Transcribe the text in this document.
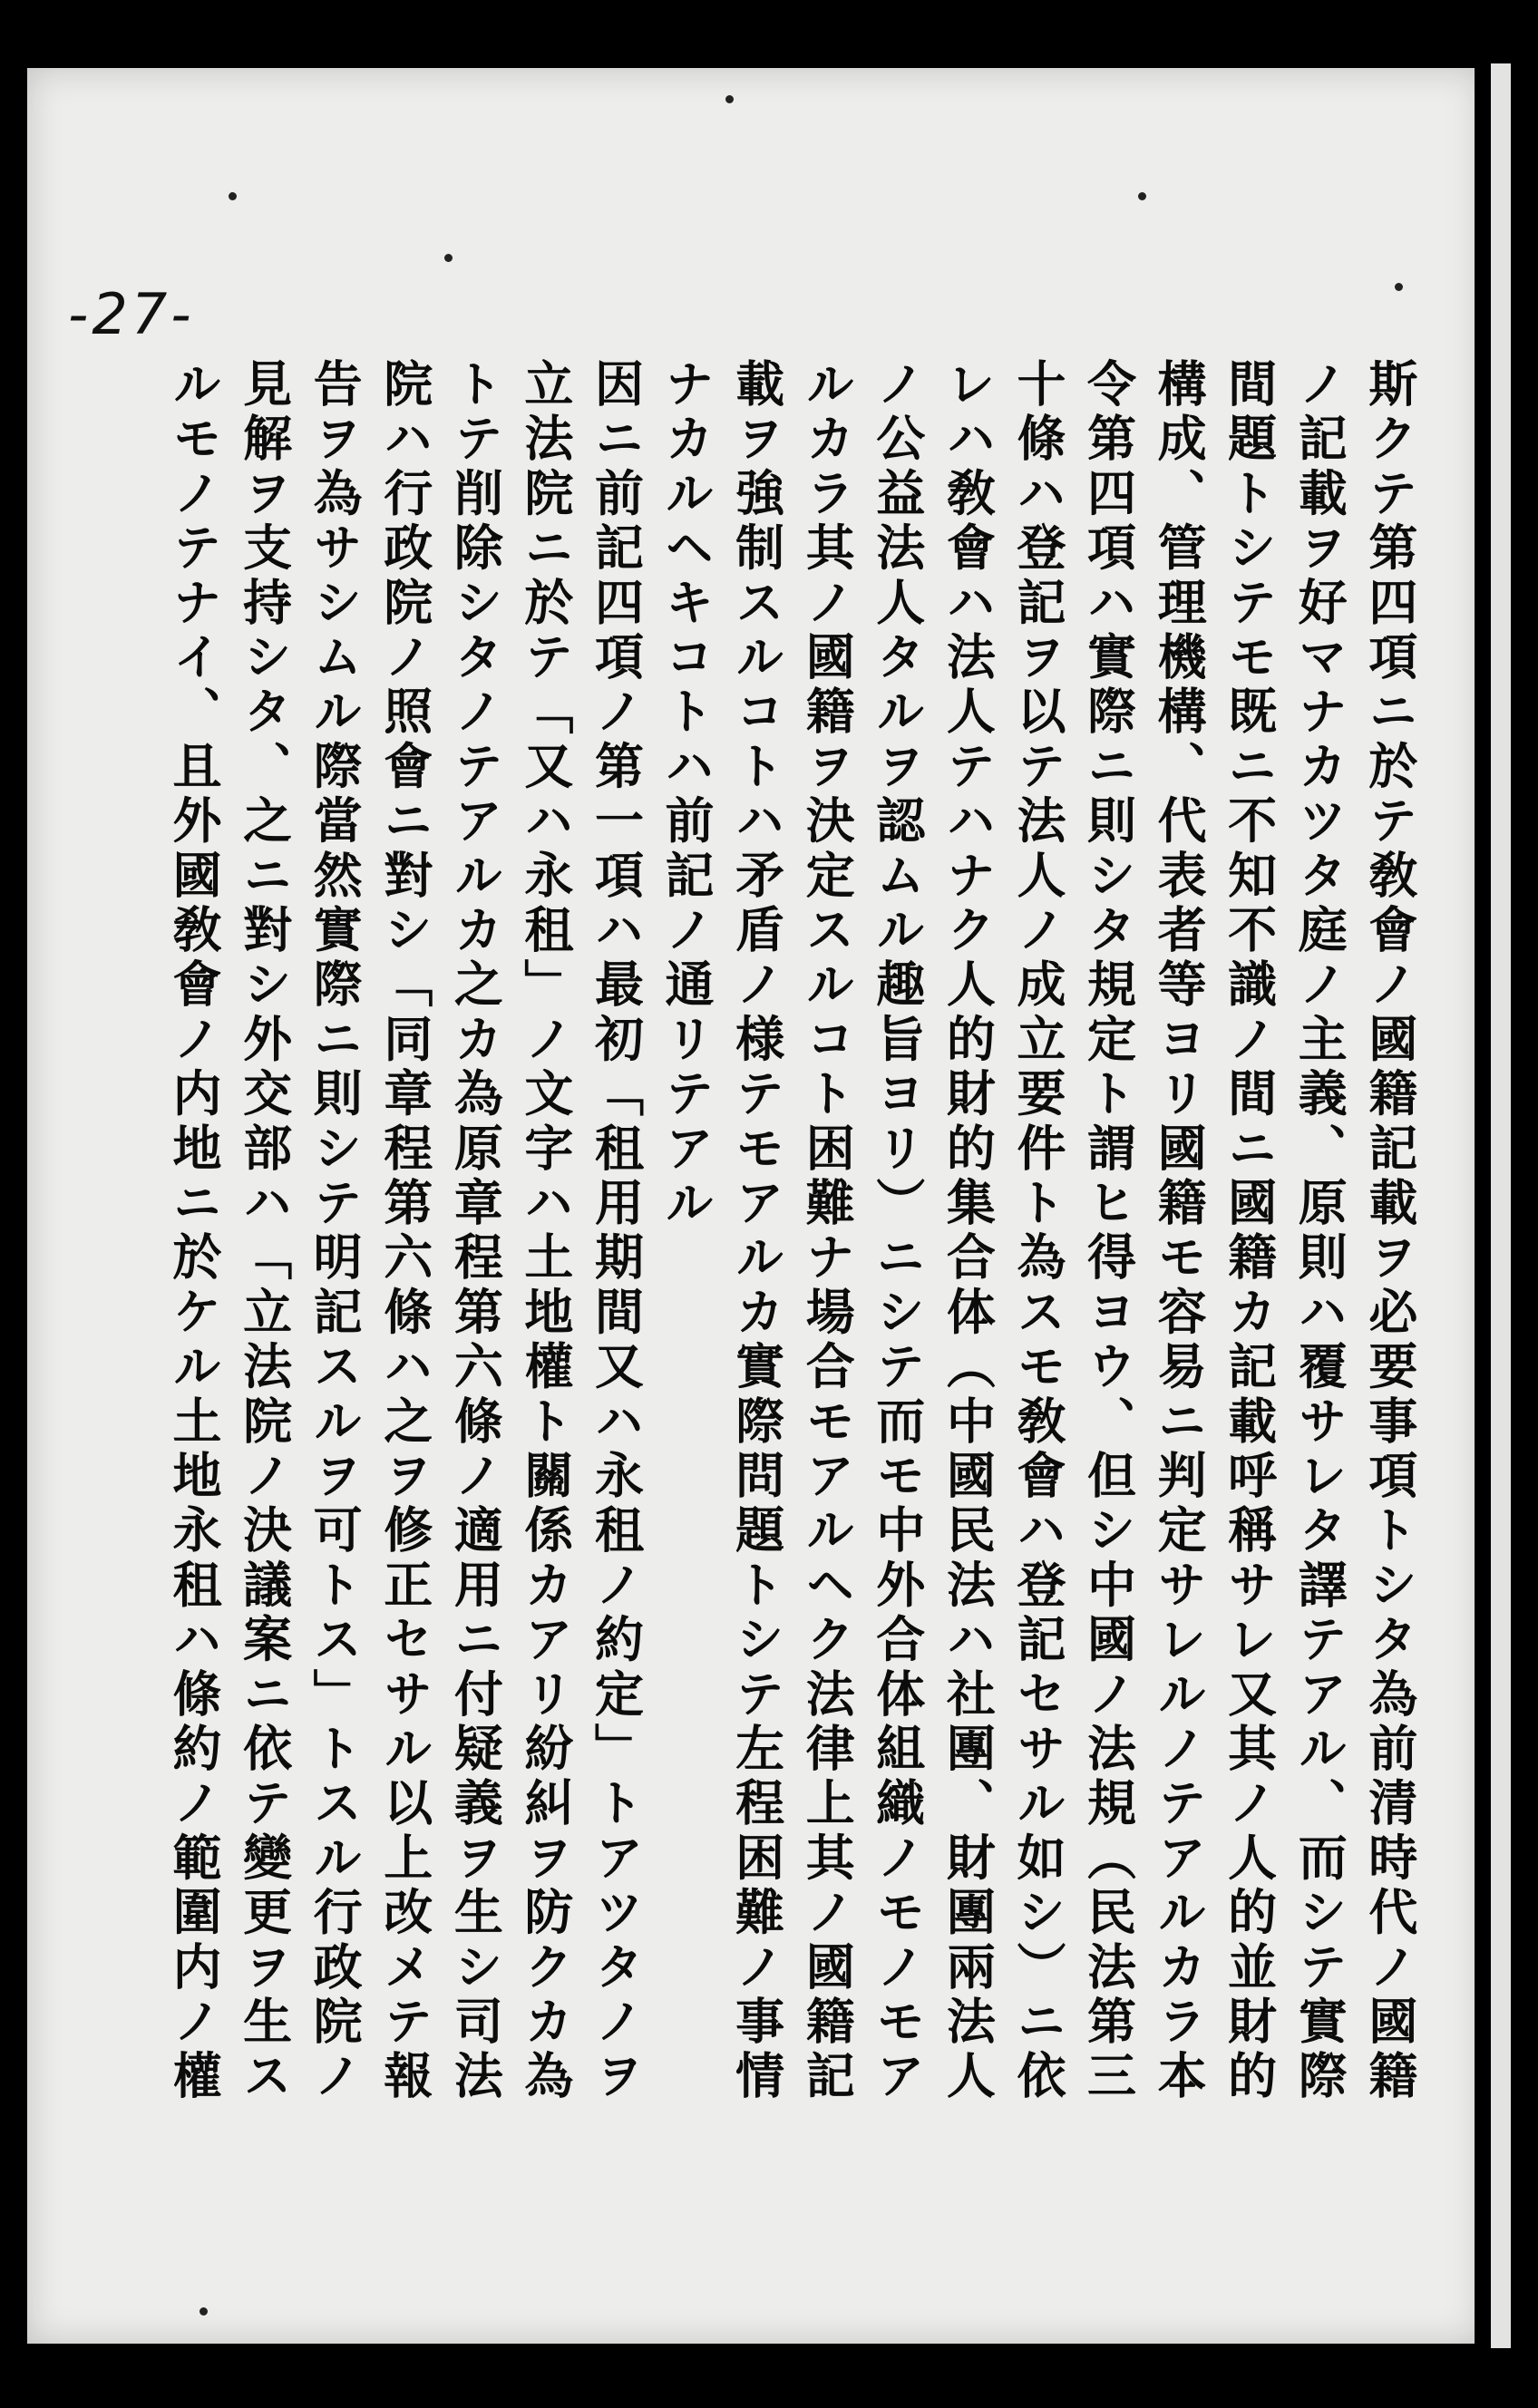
-27-
斯クテ第四項ニ於テ敎會ノ國籍記載ヲ必要事項トシタ為前清時代ノ國籍
ノ記載ヲ好マナカツタ庭ノ主義、原則ハ覆サレタ譯テアル、而シテ實際
間題トシテモ既ニ不知不識ノ間ニ國籍カ記載呼稱サレ又其ノ人的並財的
構成、管理機構、代表者等ヨリ國籍モ容易ニ判定サレルノテアルカラ本
令第四項ハ實際ニ則シタ規定ト謂ヒ得ヨウ、但シ中國ノ法規（民法第三
十條ハ登記ヲ以テ法人ノ成立要件ト為スモ敎會ハ登記セサル如シ）ニ依
レハ敎會ハ法人テハナク人的財的集合体（中國民法ハ社團、財團兩法人
ノ公益法人タルヲ認ムル趣旨ヨリ）ニシテ而モ中外合体組織ノモノモア
ルカラ其ノ國籍ヲ決定スルコト困難ナ場合モアルヘク法律上其ノ國籍記
載ヲ強制スルコトハ矛盾ノ様テモアルカ實際問題トシテ左程困難ノ事情
ナカルヘキコトハ前記ノ通リテアル
因ニ前記四項ノ第一項ハ最初「租用期間又ハ永租ノ約定」トアツタノヲ
立法院ニ於テ「又ハ永租」ノ文字ハ土地權ト關係カアリ紛糾ヲ防クカ為
トテ削除シタノテアルカ之カ為原章程第六條ノ適用ニ付疑義ヲ生シ司法
院ハ行政院ノ照會ニ對シ「同章程第六條ハ之ヲ修正セサル以上改メテ報
告ヲ為サシムル際當然實際ニ則シテ明記スルヲ可トス」トスル行政院ノ
見解ヲ支持シタ、之ニ對シ外交部ハ「立法院ノ決議案ニ依テ變更ヲ生ス
ルモノテナイ、且外國敎會ノ内地ニ於ケル土地永租ハ條約ノ範圍内ノ權
